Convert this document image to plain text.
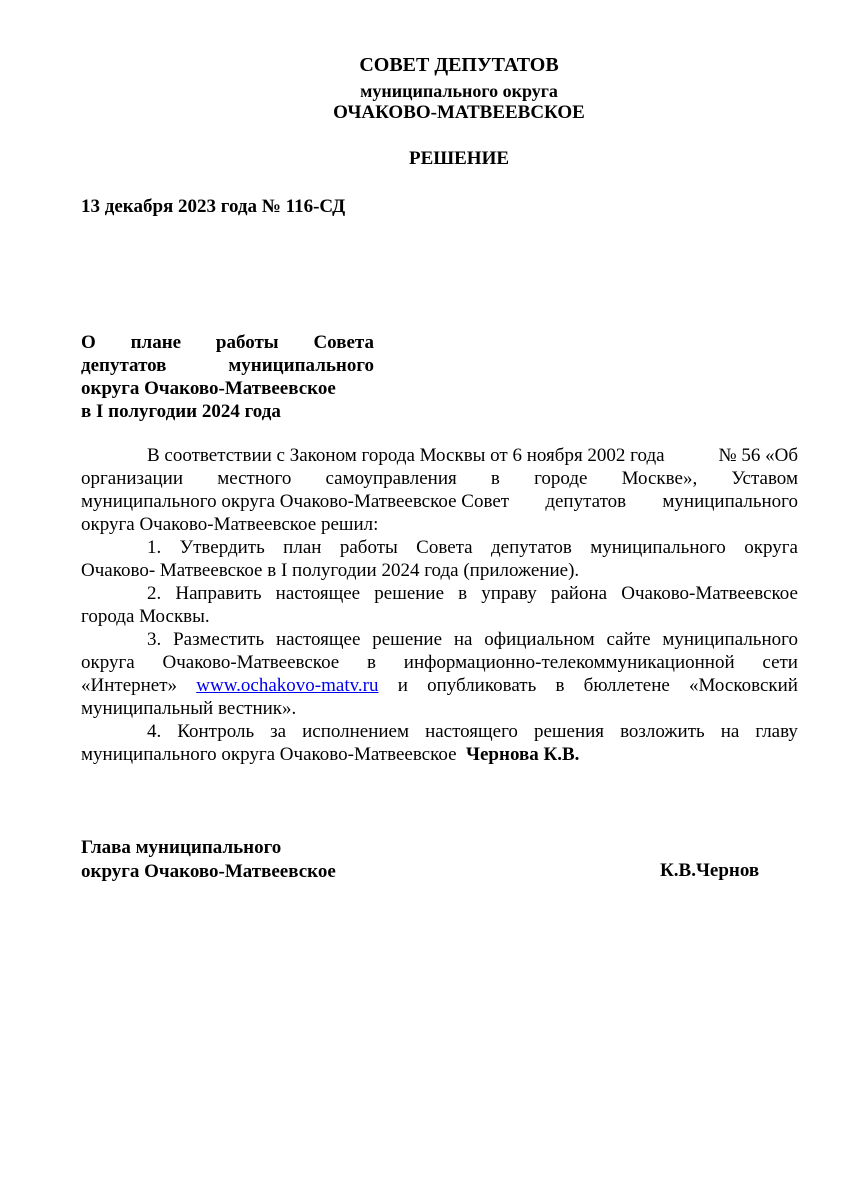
СОВЕТ ДЕПУТАТОВ
муниципального округа
ОЧАКОВО-МАТВЕЕВСКОЕ
РЕШЕНИЕ
13 декабря 2023 года № 116-СД
О плане работы Совета
депутатов	муниципального
округа Очаково-Матвеевское
в I полугодии 2024 года
В соответствии с Законом города Москвы от 6 ноября 2002 года	№ 56 «Об
организации местного самоуправления в городе Москве», Уставом
муниципального округа Очаково-Матвеевское Совет депутатов муниципального
округа Очаково-Матвеевское решил:
1. Утвердить план работы Совета депутатов муниципального округа
Очаково- Матвеевское в I полугодии 2024 года (приложение).
2. Направить настоящее решение в управу района Очаково-Матвеевское
города Москвы.
3. Разместить настоящее решение на официальном сайте муниципального
округа Очаково-Матвеевское в информационно-телекоммуникационной сети
«Интернет» www.ochakovo-matv.ru и опубликовать в бюллетене «Московский
муниципальный вестник».
4. Контроль за исполнением настоящего решения возложить на главу
муниципального округа Очаково-Матвеевское Чернова К.В.
Глава муниципального
округа Очаково-Матвеевское	К.В.Чернов
